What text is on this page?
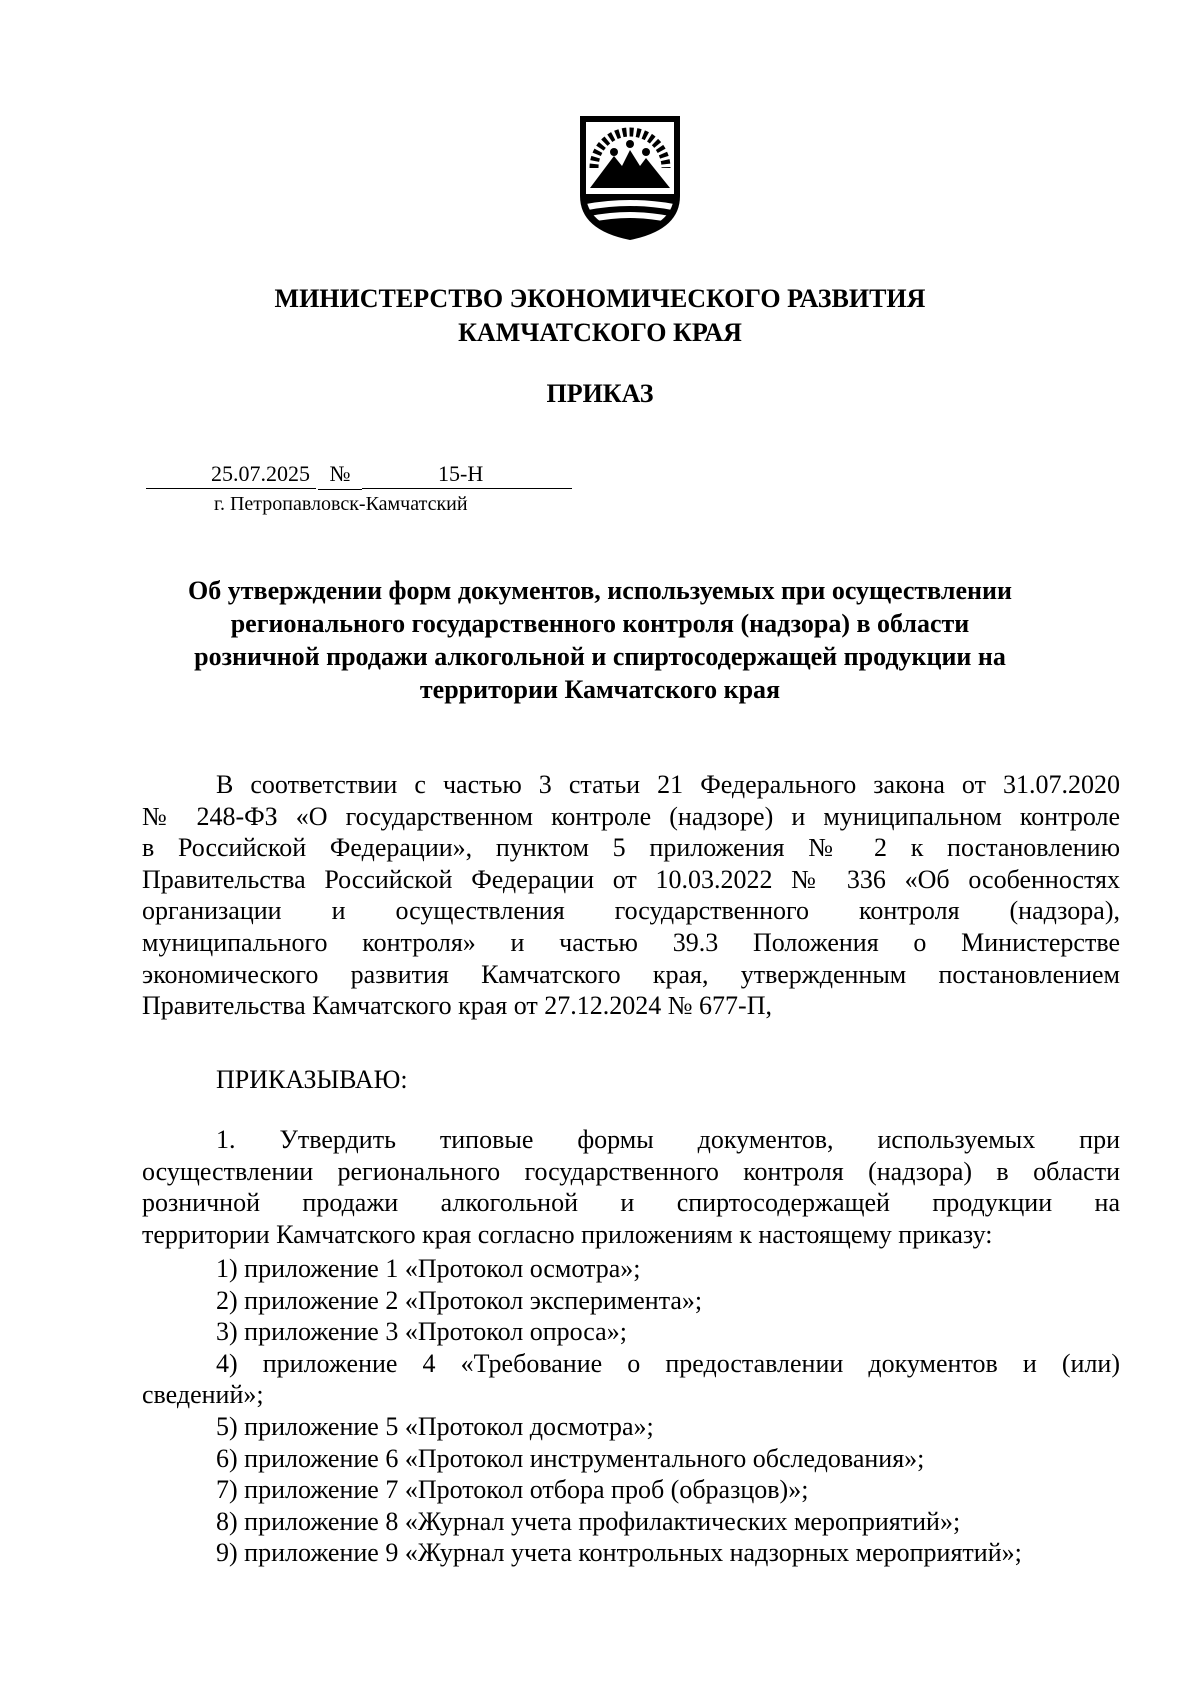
МИНИСТЕРСТВО ЭКОНОМИЧЕСКОГО РАЗВИТИЯ
КАМЧАТСКОГО КРАЯ
ПРИКАЗ
25.07.2025 №	15-Н
г. Петропавловск-Камчатский
Об утверждении форм документов, используемых при осуществлении
регионального государственного контроля (надзора) в области
розничной продажи алкогольной и спиртосодержащей продукции на
территории Камчатского края
В соответствии с частью 3 статьи 21 Федерального закона от 31.07.2020
№ 248-ФЗ «О государственном контроле (надзоре) и муниципальном контроле
в Российской Федерации», пунктом 5 приложения № 2 к постановлению
Правительства Российской Федерации от 10.03.2022 № 336 «Об особенностях
организации и осуществления государственного контроля (надзора),
муниципального контроля» и частью 39.3 Положения о Министерстве
экономического развития Камчатского края, утвержденным постановлением
Правительства Камчатского края от 27.12.2024 № 677-П,
ПРИКАЗЫВАЮ:
1. Утвердить типовые формы документов, используемых при
осуществлении регионального государственного контроля (надзора) в области
розничной продажи алкогольной и спиртосодержащей продукции на
территории Камчатского края согласно приложениям к настоящему приказу:
1) приложение 1 «Протокол осмотра»;
2) приложение 2 «Протокол эксперимента»;
3) приложение 3 «Протокол опроса»;
4) приложение 4 «Требование о предоставлении документов и (или)
сведений»;
5) приложение 5 «Протокол досмотра»;
6) приложение 6 «Протокол инструментального обследования»;
7) приложение 7 «Протокол отбора проб (образцов)»;
8) приложение 8 «Журнал учета профилактических мероприятий»;
9) приложение 9 «Журнал учета контрольных надзорных мероприятий»;
